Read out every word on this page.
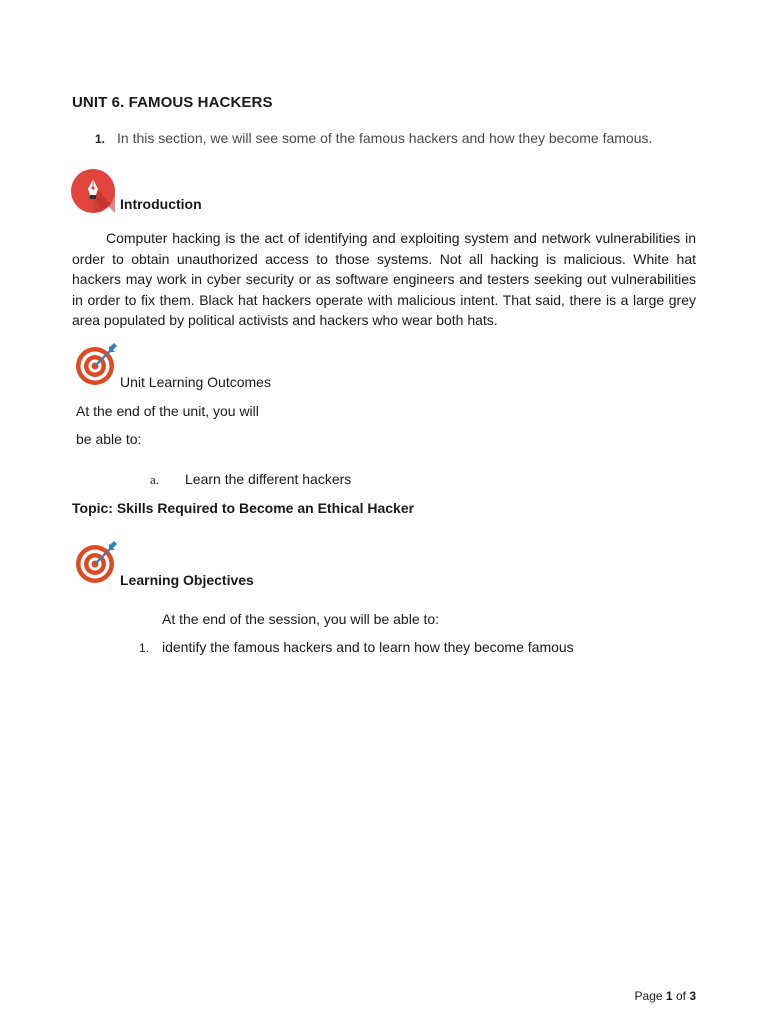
UNIT 6. FAMOUS HACKERS
1. In this section, we will see some of the famous hackers and how they become famous.
Introduction

Computer hacking is the act of identifying and exploiting system and network vulnerabilities in order to obtain unauthorized access to those systems. Not all hacking is malicious. White hat hackers may work in cyber security or as software engineers and testers seeking out vulnerabilities in order to fix them. Black hat hackers operate with malicious intent. That said, there is a large grey area populated by political activists and hackers who wear both hats.

Unit Learning Outcomes
At the end of the unit, you will
be able to:
a. Learn the different hackers
Topic: Skills Required to Become an Ethical Hacker
Learning Objectives
At the end of the session, you will be able to:
1. identify the famous hackers and to learn how they become famous
Page 1 of 3
